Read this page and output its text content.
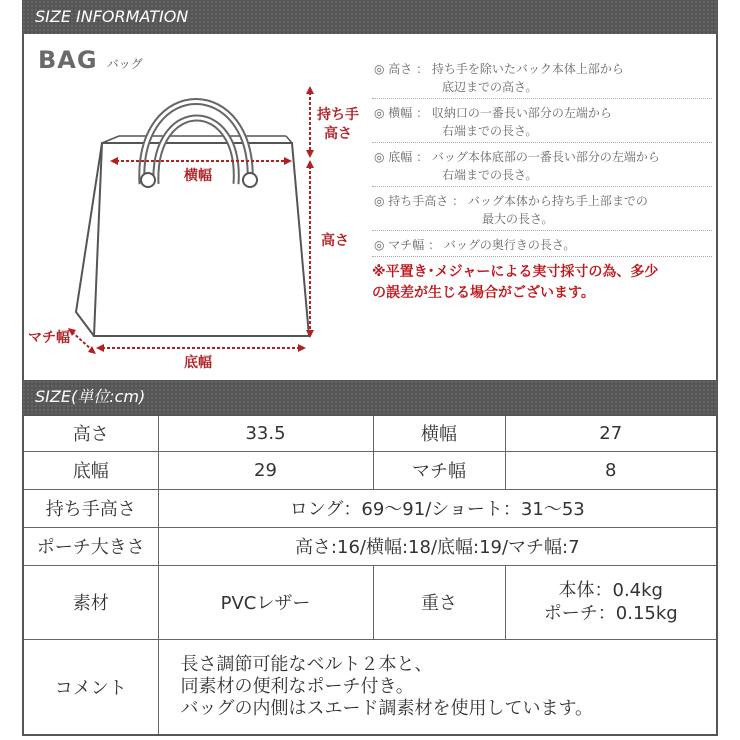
SIZE INFORMATION
BAG バッグ
持ち手
高さ
高さ
横幅
底幅
マチ幅
◎ 高さ ： 持ち手を除いたバック本体上部から
底辺までの高さ。
◎ 横幅 ： 収納口の一番長い部分の左端から
右端までの長さ。
◎ 底幅 ： バッグ本体底部の一番長い部分の左端から
右端までの長さ。
◎ 持ち手高さ ： バッグ本体から持ち手上部までの
最大の長さ。
◎ マチ幅 ： バッグの奥行きの長さ。
※平置き･メジャーによる実寸採寸の為、多少
の誤差が生じる場合がございます。
SIZE(単位:cm)
高さ	33.5	横幅	27
底幅	29	マチ幅	8
持ち手高さ	ロング：69〜91/ショート：31〜53		
ポーチ大きさ	高さ:16/横幅:18/底幅:19/マチ幅:7		
素材	PVCレザー	重さ	本体：0.4kg
ポーチ：0.15kg

コメント	長さ調節可能なベルト２本と、
同素材の便利なポーチ付き。
バッグの内側はスエード調素材を使用しています。		
